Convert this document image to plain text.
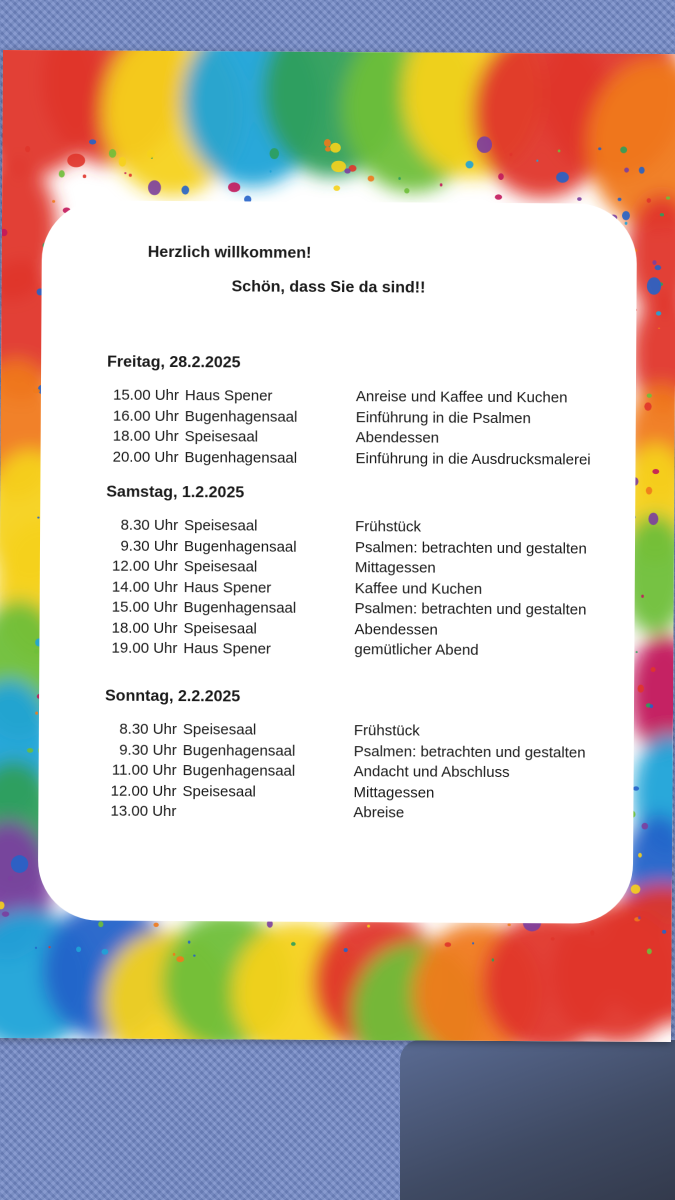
Herzlich willkommen!
Schön, dass Sie da sind!!
Freitag, 28.2.2025
15.00 Uhr Haus Spener	Anreise und Kaffee und Kuchen
16.00 Uhr Bugenhagensaal	Einführung in die Psalmen
18.00 Uhr Speisesaal	Abendessen
20.00 Uhr Bugenhagensaal	Einführung in die Ausdrucksmalerei
Samstag, 1.2.2025
8.30 Uhr Speisesaal	Frühstück
9.30 Uhr Bugenhagensaal	Psalmen: betrachten und gestalten
12.00 Uhr Speisesaal	Mittagessen
14.00 Uhr Haus Spener	Kaffee und Kuchen
15.00 Uhr Bugenhagensaal	Psalmen: betrachten und gestalten
18.00 Uhr Speisesaal	Abendessen
19.00 Uhr Haus Spener	gemütlicher Abend
Sonntag, 2.2.2025
8.30 Uhr Speisesaal	Frühstück
9.30 Uhr Bugenhagensaal	Psalmen: betrachten und gestalten
11.00 Uhr Bugenhagensaal	Andacht und Abschluss
12.00 Uhr Speisesaal	Mittagessen
13.00 Uhr	Abreise
